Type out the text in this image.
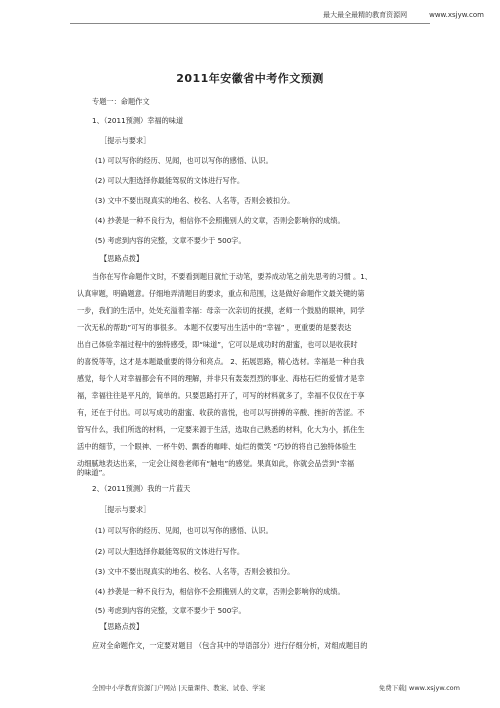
最大最全最精的教育资源网	www.xsjyw.com
2011年安徽省中考作文预测
专题一：命题作文
1、（2011预测）幸福的味道
［提示与要求］
(1) 可以写你的经历、见闻，也可以写你的感悟、认识。
(2) 可以大胆选择你最能驾驭的文体进行写作。
(3) 文中不要出现真实的地名、校名、人名等，否则会被扣分。
(4) 抄袭是一种不良行为，相信你不会照搬别人的文章，否则会影响你的成绩。
(5) 考虑到内容的完整，文章不要少于 500字。
【思路点拨】
当你在写作命题作文时，不要看到题目就忙于动笔，要养成动笔之前先思考的习惯 。1、
认真审题，明确题意。仔细地弄清题目的要求，重点和范围，这是做好命题作文最关键的第
一步，我们的生活中，处处充溢着幸福：母亲一次亲切的抚摸，老师一个鼓励的眼神，同学
一次无私的帮助”可写的事很多。 本题不仅要写出生活中的“幸福” ，更重要的是要表达
出自己体验幸福过程中的独特感受，即“味道”，它可以是成功时的甜蜜，也可以是收获时
的喜悦等等，这才是本题最重要的得分和亮点。 2、拓展思路，精心选材。幸福是一种自我
感觉，每个人对幸福都会有不同的理解，并非只有轰轰烈烈的事业、海枯石烂的爱情才是幸
福，幸福往往是平凡的，简单的。只要思路打开了，可写的材料就多了，幸福不仅仅在于享
有，还在于付出。可以写成功的甜蜜、收获的喜悦，也可以写拼搏的辛酸、挫折的苦涩。不
管写什么，我们所选的材料，一定要来源于生活，选取自己熟悉的材料，化大为小，抓住生
活中的细节，一个眼神、一杯牛奶、飘香的咖啡、灿烂的微笑 ”巧妙的将自己独特体验生
动细腻地表达出来，一定会让阅卷老师有“触电”的感觉。果真如此，你就会品尝到“幸福
的味道”。
2、（2011预测）我的一片蓝天
［提示与要求］
(1) 可以写你的经历、见闻，也可以写你的感悟、认识。
(2) 可以大胆选择你最能驾驭的文体进行写作。
(3) 文中不要出现真实的地名、校名、人名等，否则会被扣分。
(4) 抄袭是一种不良行为，相信你不会照搬别人的文章，否则会影响你的成绩。
(5) 考虑到内容的完整，文章不要少于 500字。
【思路点拨】
应对全命题作文，一定要对题目 （包含其中的导语部分）进行仔细分析，对组成题目的
全国中小学教育资源门户网站 |天量课件、教案、试卷、学案	免费下载| www.xsjyw.com
